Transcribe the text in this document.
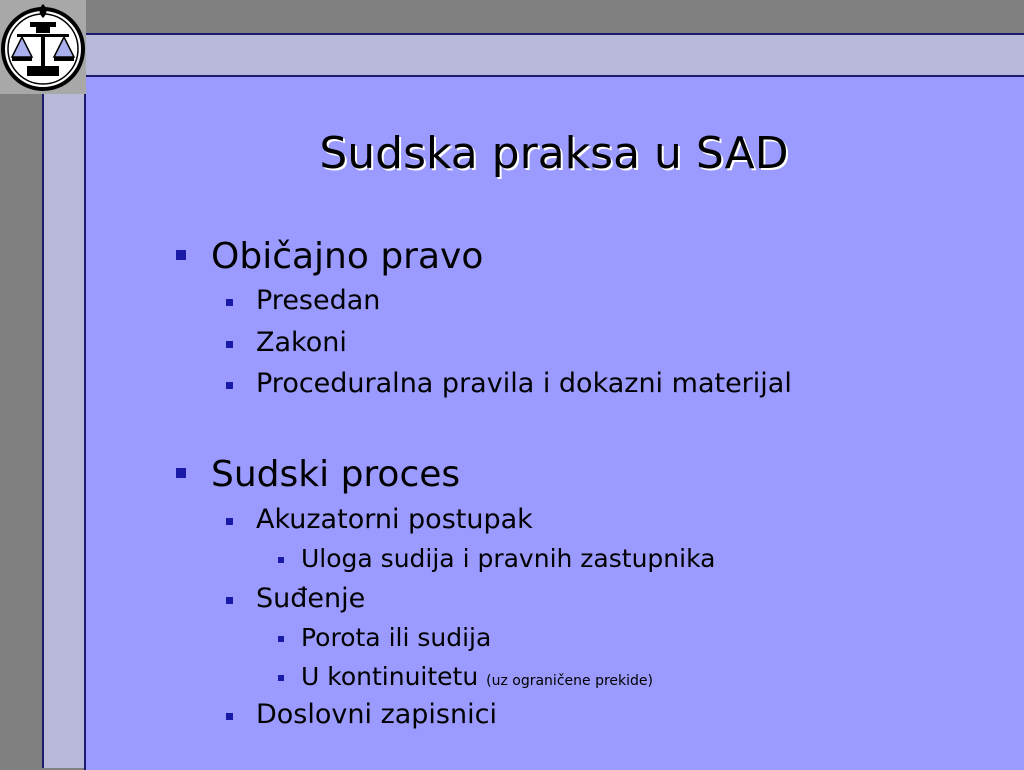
Sudska praksa u SAD
Običajno pravo
Presedan
Zakoni
Proceduralna pravila i dokazni materijal
Sudski proces
Akuzatorni postupak
Uloga sudija i pravnih zastupnika
Suđenje
Porota ili sudija
U kontinuitetu (uz ograničene prekide)
Doslovni zapisnici
